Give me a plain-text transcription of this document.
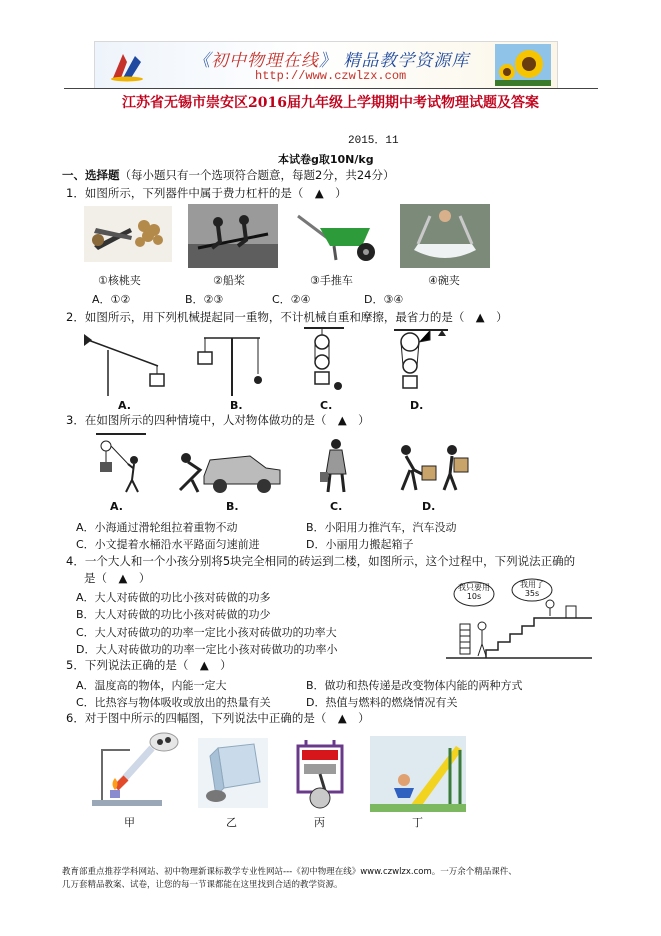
《初中物理在线》 精品教学资源库
http://www.czwlzx.com
江苏省无锡市崇安区2016届九年级上学期期中考试物理试题及答案
2015．11
本试卷g取10N/kg
一、选择题（每小题只有一个选项符合题意，每题2分，共24分）
1．如图所示，下列器件中属于费力杠杆的是（　▲　）
①核桃夹	②船桨	③手推车	④碗夹
A．①②	B．②③	C．②④	D．③④
2．如图所示，用下列机械提起同一重物，不计机械自重和摩擦，最省力的是（　▲　）
A.	B.	C.	D.
3．在如图所示的四种情境中，人对物体做功的是（　▲　）
A.	B.	C.	D.
A．小海通过滑轮组拉着重物不动	B．小阳用力推汽车，汽车没动
C．小文提着水桶沿水平路面匀速前进	D．小丽用力搬起箱子
4．一个大人和一个小孩分别将5块完全相同的砖运到二楼，如图所示，这个过程中，下列说法正确的
是（　▲　）
A．大人对砖做的功比小孩对砖做的功多
B．大人对砖做的功比小孩对砖做的功少
C．大人对砖做功的功率一定比小孩对砖做功的功率大
D．大人对砖做功的功率一定比小孩对砖做功的功率小
我只要用
10s
我用了
35s
5．下列说法正确的是（　▲　）
A．温度高的物体，内能一定大	B．做功和热传递是改变物体内能的两种方式
C．比热容与物体吸收或放出的热量有关	D．热值与燃料的燃烧情况有关
6．对于图中所示的四幅图，下列说法中正确的是（　▲　）
甲	乙	丙	丁
教育部重点推荐学科网站、初中物理新课标教学专业性网站---《初中物理在线》www.czwlzx.com。一万余个精品课件、
几万套精品教案、试卷，让您的每一节课都能在这里找到合适的教学资源。
